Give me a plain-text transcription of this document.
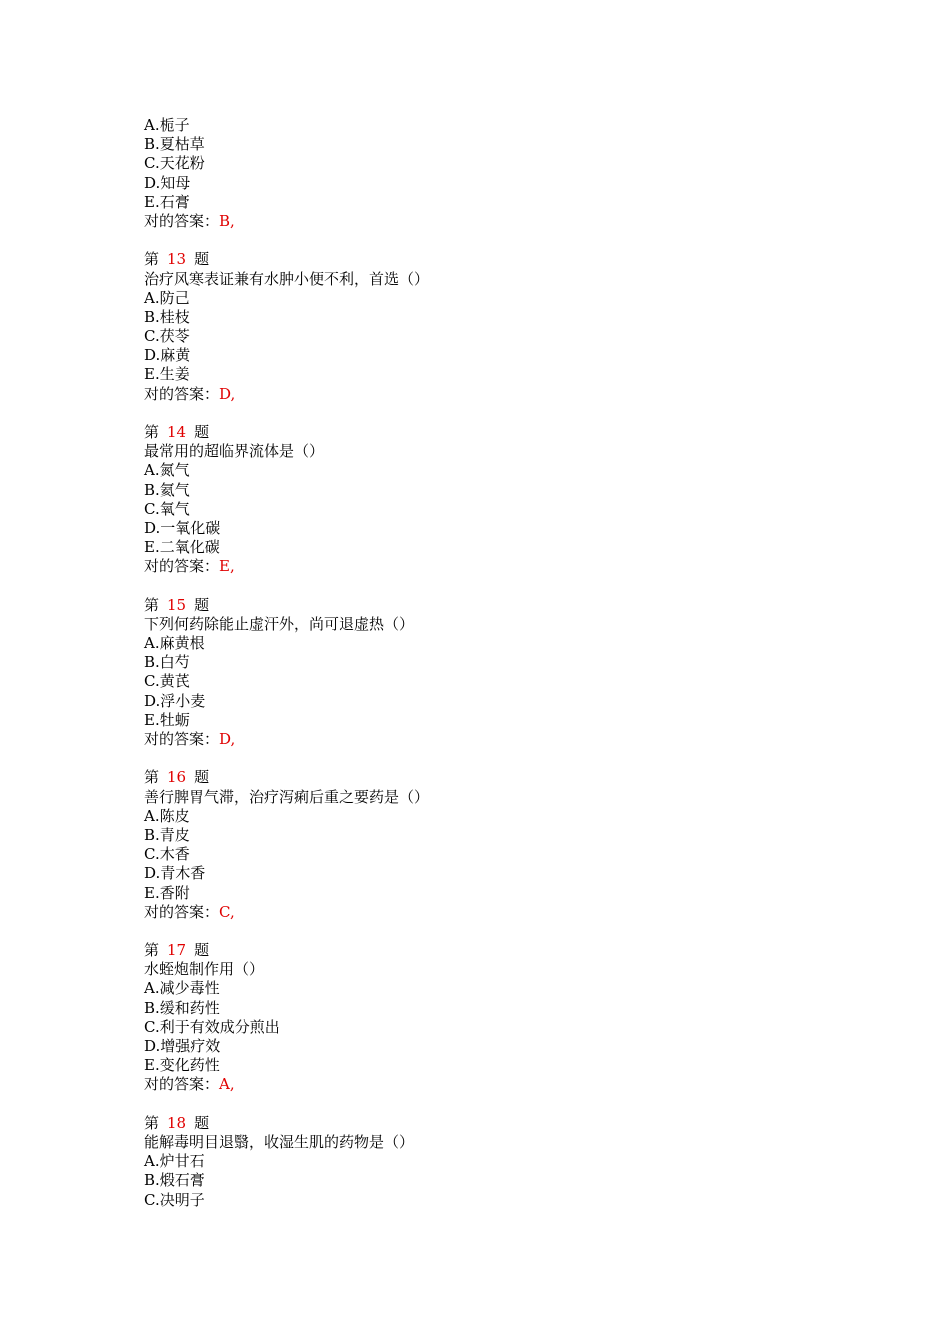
A.栀子
B.夏枯草
C.天花粉
D.知母
E.石膏
对的答案：B,
第 13 题
治疗风寒表证兼有水肿小便不利，首选（）
A.防己
B.桂枝
C.茯苓
D.麻黄
E.生姜
对的答案：D,
第 14 题
最常用的超临界流体是（）
A.氮气
B.氦气
C.氧气
D.一氧化碳
E.二氧化碳
对的答案：E,
第 15 题
下列何药除能止虚汗外，尚可退虚热（）
A.麻黄根
B.白芍
C.黄芪
D.浮小麦
E.牡蛎
对的答案：D,
第 16 题
善行脾胃气滞，治疗泻痢后重之要药是（）
A.陈皮
B.青皮
C.木香
D.青木香
E.香附
对的答案：C,
第 17 题
水蛭炮制作用（）
A.减少毒性
B.缓和药性
C.利于有效成分煎出
D.增强疗效
E.变化药性
对的答案：A,
第 18 题
能解毒明目退翳，收湿生肌的药物是（）
A.炉甘石
B.煅石膏
C.决明子
